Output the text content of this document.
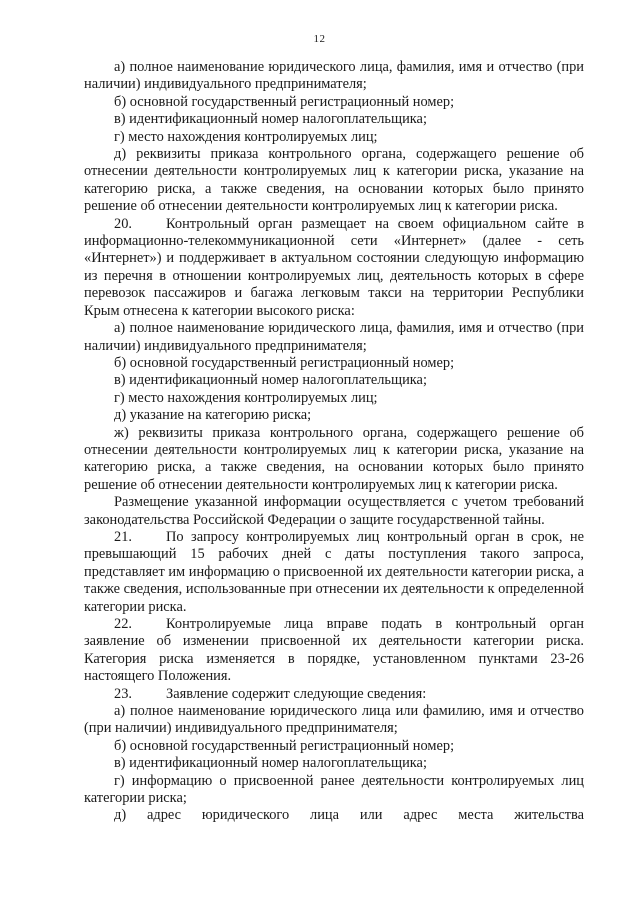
12

а) полное наименование юридического лица, фамилия, имя и отчество (при наличии) индивидуального предпринимателя;

б) основной государственный регистрационный номер;

в) идентификационный номер налогоплательщика;

г) место нахождения контролируемых лиц;

д) реквизиты приказа контрольного органа, содержащего решение об отнесении деятельности контролируемых лиц к категории риска, указание на категорию риска, а также сведения, на основании которых было принято решение об отнесении деятельности контролируемых лиц к категории риска.

20. Контрольный орган размещает на своем официальном сайте в информационно-телекоммуникационной сети «Интернет» (далее - сеть «Интернет») и поддерживает в актуальном состоянии следующую информацию из перечня в отношении контролируемых лиц, деятельность которых в сфере перевозок пассажиров и багажа легковым такси на территории Республики Крым отнесена к категории высокого риска:

а) полное наименование юридического лица, фамилия, имя и отчество (при наличии) индивидуального предпринимателя;

б) основной государственный регистрационный номер;

в) идентификационный номер налогоплательщика;

г) место нахождения контролируемых лиц;

д) указание на категорию риска;

ж) реквизиты приказа контрольного органа, содержащего решение об отнесении деятельности контролируемых лиц к категории риска, указание на категорию риска, а также сведения, на основании которых было принято решение об отнесении деятельности контролируемых лиц к категории риска.

Размещение указанной информации осуществляется с учетом требований законодательства Российской Федерации о защите государственной тайны.

21. По запросу контролируемых лиц контрольный орган в срок, не превышающий 15 рабочих дней с даты поступления такого запроса, представляет им информацию о присвоенной их деятельности категории риска, а также сведения, использованные при отнесении их деятельности к определенной категории риска.

22. Контролируемые лица вправе подать в контрольный орган заявление об изменении присвоенной их деятельности категории риска. Категория риска изменяется в порядке, установленном пунктами 23-26 настоящего Положения.

23. Заявление содержит следующие сведения:

а) полное наименование юридического лица или фамилию, имя и отчество (при наличии) индивидуального предпринимателя;

б) основной государственный регистрационный номер;

в) идентификационный номер налогоплательщика;

г) информацию о присвоенной ранее деятельности контролируемых лиц категории риска;

д) адрес юридического лица или адрес места жительства
